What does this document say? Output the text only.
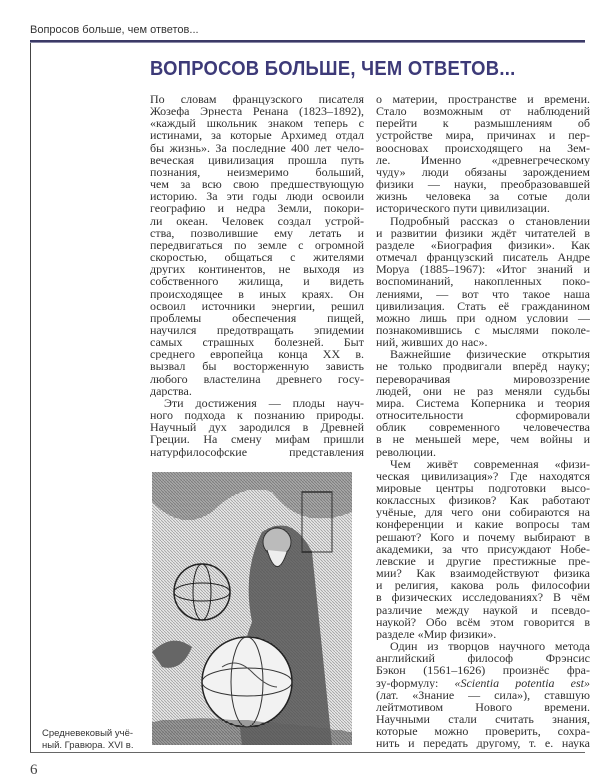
Вопросов больше, чем ответов...
ВОПРОСОВ БОЛЬШЕ, ЧЕМ ОТВЕТОВ...
По словам французского писателя
Жозефа Эрнеста Ренана (1823–1892),
«каждый школьник знаком теперь с
истинами, за которые Архимед отдал
бы жизнь». За последние 400 лет чело-
веческая цивилизация прошла путь
познания, неизмеримо больший,
чем за всю свою предшествующую
историю. За эти годы люди освоили
географию и недра Земли, покори-
ли океан. Человек создал устрой-
ства, позволившие ему летать и
передвигаться по земле с огромной
скоростью, общаться с жителями
других континентов, не выходя из
собственного жилища, и видеть
происходящее в иных краях. Он
освоил источники энергии, решил
проблемы обеспечения пищей,
научился предотвращать эпидемии
самых страшных болезней. Быт
среднего европейца конца XX в.
вызвал бы восторженную зависть
любого властелина древнего госу-
дарства.
Эти достижения — плоды науч-
ного подхода к познанию природы.
Научный дух зародился в Древней
Греции. На смену мифам пришли
натурфилософские представления
о материи, пространстве и времени.
Стало возможным от наблюдений
перейти к размышлениям об
устройстве мира, причинах и пер-
воосновах происходящего на Зем-
ле. Именно «древнегреческому
чуду» люди обязаны зарождением
физики — науки, преобразовавшей
жизнь человека за сотые доли
исторического пути цивилизации.
Подробный рассказ о становлении
и развитии физики ждёт читателей в
разделе «Биография физики». Как
отмечал французский писатель Андре
Моруа (1885–1967): «Итог знаний и
воспоминаний, накопленных поко-
лениями, — вот что такое наша
цивилизация. Стать её гражданином
можно лишь при одном условии —
познакомившись с мыслями поколе-
ний, живших до нас».
Важнейшие физические открытия
не только продвигали вперёд науку;
переворачивая мировоззрение
людей, они не раз меняли судьбы
мира. Система Коперника и теория
относительности сформировали
облик современного человечества
в не меньшей мере, чем войны и
революции.
Чем живёт современная «физи-
ческая цивилизация»? Где находятся
мировые центры подготовки высо-
коклассных физиков? Как работают
учёные, для чего они собираются на
конференции и какие вопросы там
решают? Кого и почему выбирают в
академики, за что присуждают Нобе-
левские и другие престижные пре-
мии? Как взаимодействуют физика
и религия, какова роль философии
в физических исследованиях? В чём
различие между наукой и псевдо-
наукой? Обо всём этом говорится в
разделе «Мир физики».
Один из творцов научного метода
английский философ Фрэнсис
Бэкон (1561–1626) произнёс фра-
зу-формулу: «Scientia potentia est»
(лат. «Знание — сила»), ставшую
лейтмотивом Нового времени.
Научными стали считать знания,
которые можно проверить, сохра-
нить и передать другому, т. е. наука
Средневековый учё-
ный. Гравюра. XVI в.
6
